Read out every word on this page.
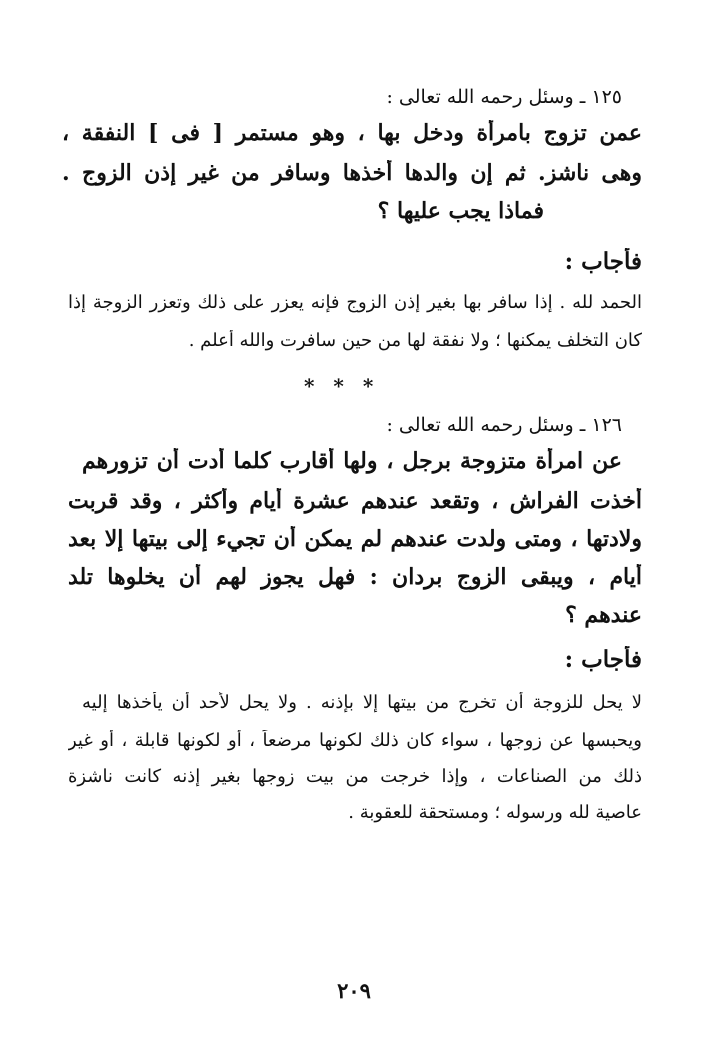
١٢٥ ـ وسئل رحمه الله تعالى :
عمن تزوج بامرأة ودخل بها ، وهو مستمر [ فى ] النفقة ،
وهى ناشز. ثم إن والدها أخذها وسافر من غير إذن الزوج .
فماذا يجب عليها ؟
فأجاب :
الحمد لله . إذا سافر بها بغير إذن الزوج فإنه يعزر على ذلك وتعزر الزوجة إذا
كان التخلف يمكنها ؛ ولا نفقة لها من حين سافرت والله أعلم .
* * *
١٢٦ ـ وسئل رحمه الله تعالى :
عن امرأة متزوجة برجل ، ولها أقارب كلما أدت أن تزورهم
أخذت الفراش ، وتقعد عندهم عشرة أيام وأكثر ، وقد قربت
ولادتها ، ومتى ولدت عندهم لم يمكن أن تجيء إلى بيتها إلا بعد
أيام ، ويبقى الزوج بردان : فهل يجوز لهم أن يخلوها تلد
عندهم ؟
فأجاب :
لا يحل للزوجة أن تخرج من بيتها إلا بإذنه . ولا يحل لأحد أن يأخذها إليه
ويحبسها عن زوجها ، سواء كان ذلك لكونها مرضعاً ، أو لكونها قابلة ، أو غير
ذلك من الصناعات ، وإذا خرجت من بيت زوجها بغير إذنه كانت ناشزة
عاصية لله ورسوله ؛ ومستحقة للعقوبة .
٢٠٩
